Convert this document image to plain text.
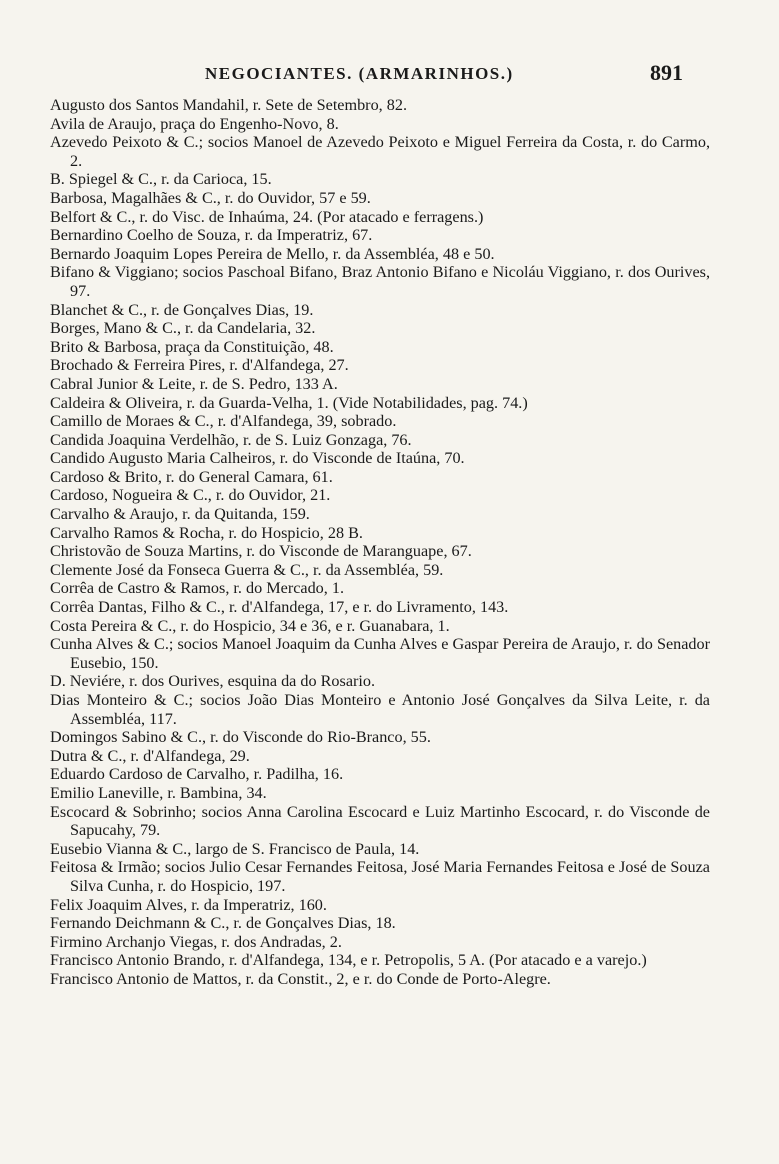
NEGOCIANTES. (ARMARINHOS.)	891
Augusto dos Santos Mandahil, r. Sete de Setembro, 82.
Avila de Araujo, praça do Engenho-Novo, 8.
Azevedo Peixoto & C.; socios Manoel de Azevedo Peixoto e Miguel Ferreira da Costa, r. do Carmo, 2.
B. Spiegel & C., r. da Carioca, 15.
Barbosa, Magalhães & C., r. do Ouvidor, 57 e 59.
Belfort & C., r. do Visc. de Inhaúma, 24. (Por atacado e ferragens.)
Bernardino Coelho de Souza, r. da Imperatriz, 67.
Bernardo Joaquim Lopes Pereira de Mello, r. da Assembléa, 48 e 50.
Bifano & Viggiano; socios Paschoal Bifano, Braz Antonio Bifano e Nicoláu Viggiano, r. dos Ourives, 97.
Blanchet & C., r. de Gonçalves Dias, 19.
Borges, Mano & C., r. da Candelaria, 32.
Brito & Barbosa, praça da Constituição, 48.
Brochado & Ferreira Pires, r. d'Alfandega, 27.
Cabral Junior & Leite, r. de S. Pedro, 133 A.
Caldeira & Oliveira, r. da Guarda-Velha, 1. (Vide Notabilidades, pag. 74.)
Camillo de Moraes & C., r. d'Alfandega, 39, sobrado.
Candida Joaquina Verdelhão, r. de S. Luiz Gonzaga, 76.
Candido Augusto Maria Calheiros, r. do Visconde de Itaúna, 70.
Cardoso & Brito, r. do General Camara, 61.
Cardoso, Nogueira & C., r. do Ouvidor, 21.
Carvalho & Araujo, r. da Quitanda, 159.
Carvalho Ramos & Rocha, r. do Hospicio, 28 B.
Christovão de Souza Martins, r. do Visconde de Maranguape, 67.
Clemente José da Fonseca Guerra & C., r. da Assembléa, 59.
Corrêa de Castro & Ramos, r. do Mercado, 1.
Corrêa Dantas, Filho & C., r. d'Alfandega, 17, e r. do Livramento, 143.
Costa Pereira & C., r. do Hospicio, 34 e 36, e r. Guanabara, 1.
Cunha Alves & C.; socios Manoel Joaquim da Cunha Alves e Gaspar Pereira de Araujo, r. do Senador Eusebio, 150.
D. Neviére, r. dos Ourives, esquina da do Rosario.
Dias Monteiro & C.; socios João Dias Monteiro e Antonio José Gonçalves da Silva Leite, r. da Assembléa, 117.
Domingos Sabino & C., r. do Visconde do Rio-Branco, 55.
Dutra & C., r. d'Alfandega, 29.
Eduardo Cardoso de Carvalho, r. Padilha, 16.
Emilio Laneville, r. Bambina, 34.
Escocard & Sobrinho; socios Anna Carolina Escocard e Luiz Martinho Escocard, r. do Visconde de Sapucahy, 79.
Eusebio Vianna & C., largo de S. Francisco de Paula, 14.
Feitosa & Irmão; socios Julio Cesar Fernandes Feitosa, José Maria Fernandes Feitosa e José de Souza Silva Cunha, r. do Hospicio, 197.
Felix Joaquim Alves, r. da Imperatriz, 160.
Fernando Deichmann & C., r. de Gonçalves Dias, 18.
Firmino Archanjo Viegas, r. dos Andradas, 2.
Francisco Antonio Brando, r. d'Alfandega, 134, e r. Petropolis, 5 A. (Por atacado e a varejo.)
Francisco Antonio de Mattos, r. da Constit., 2, e r. do Conde de Porto-Alegre.
